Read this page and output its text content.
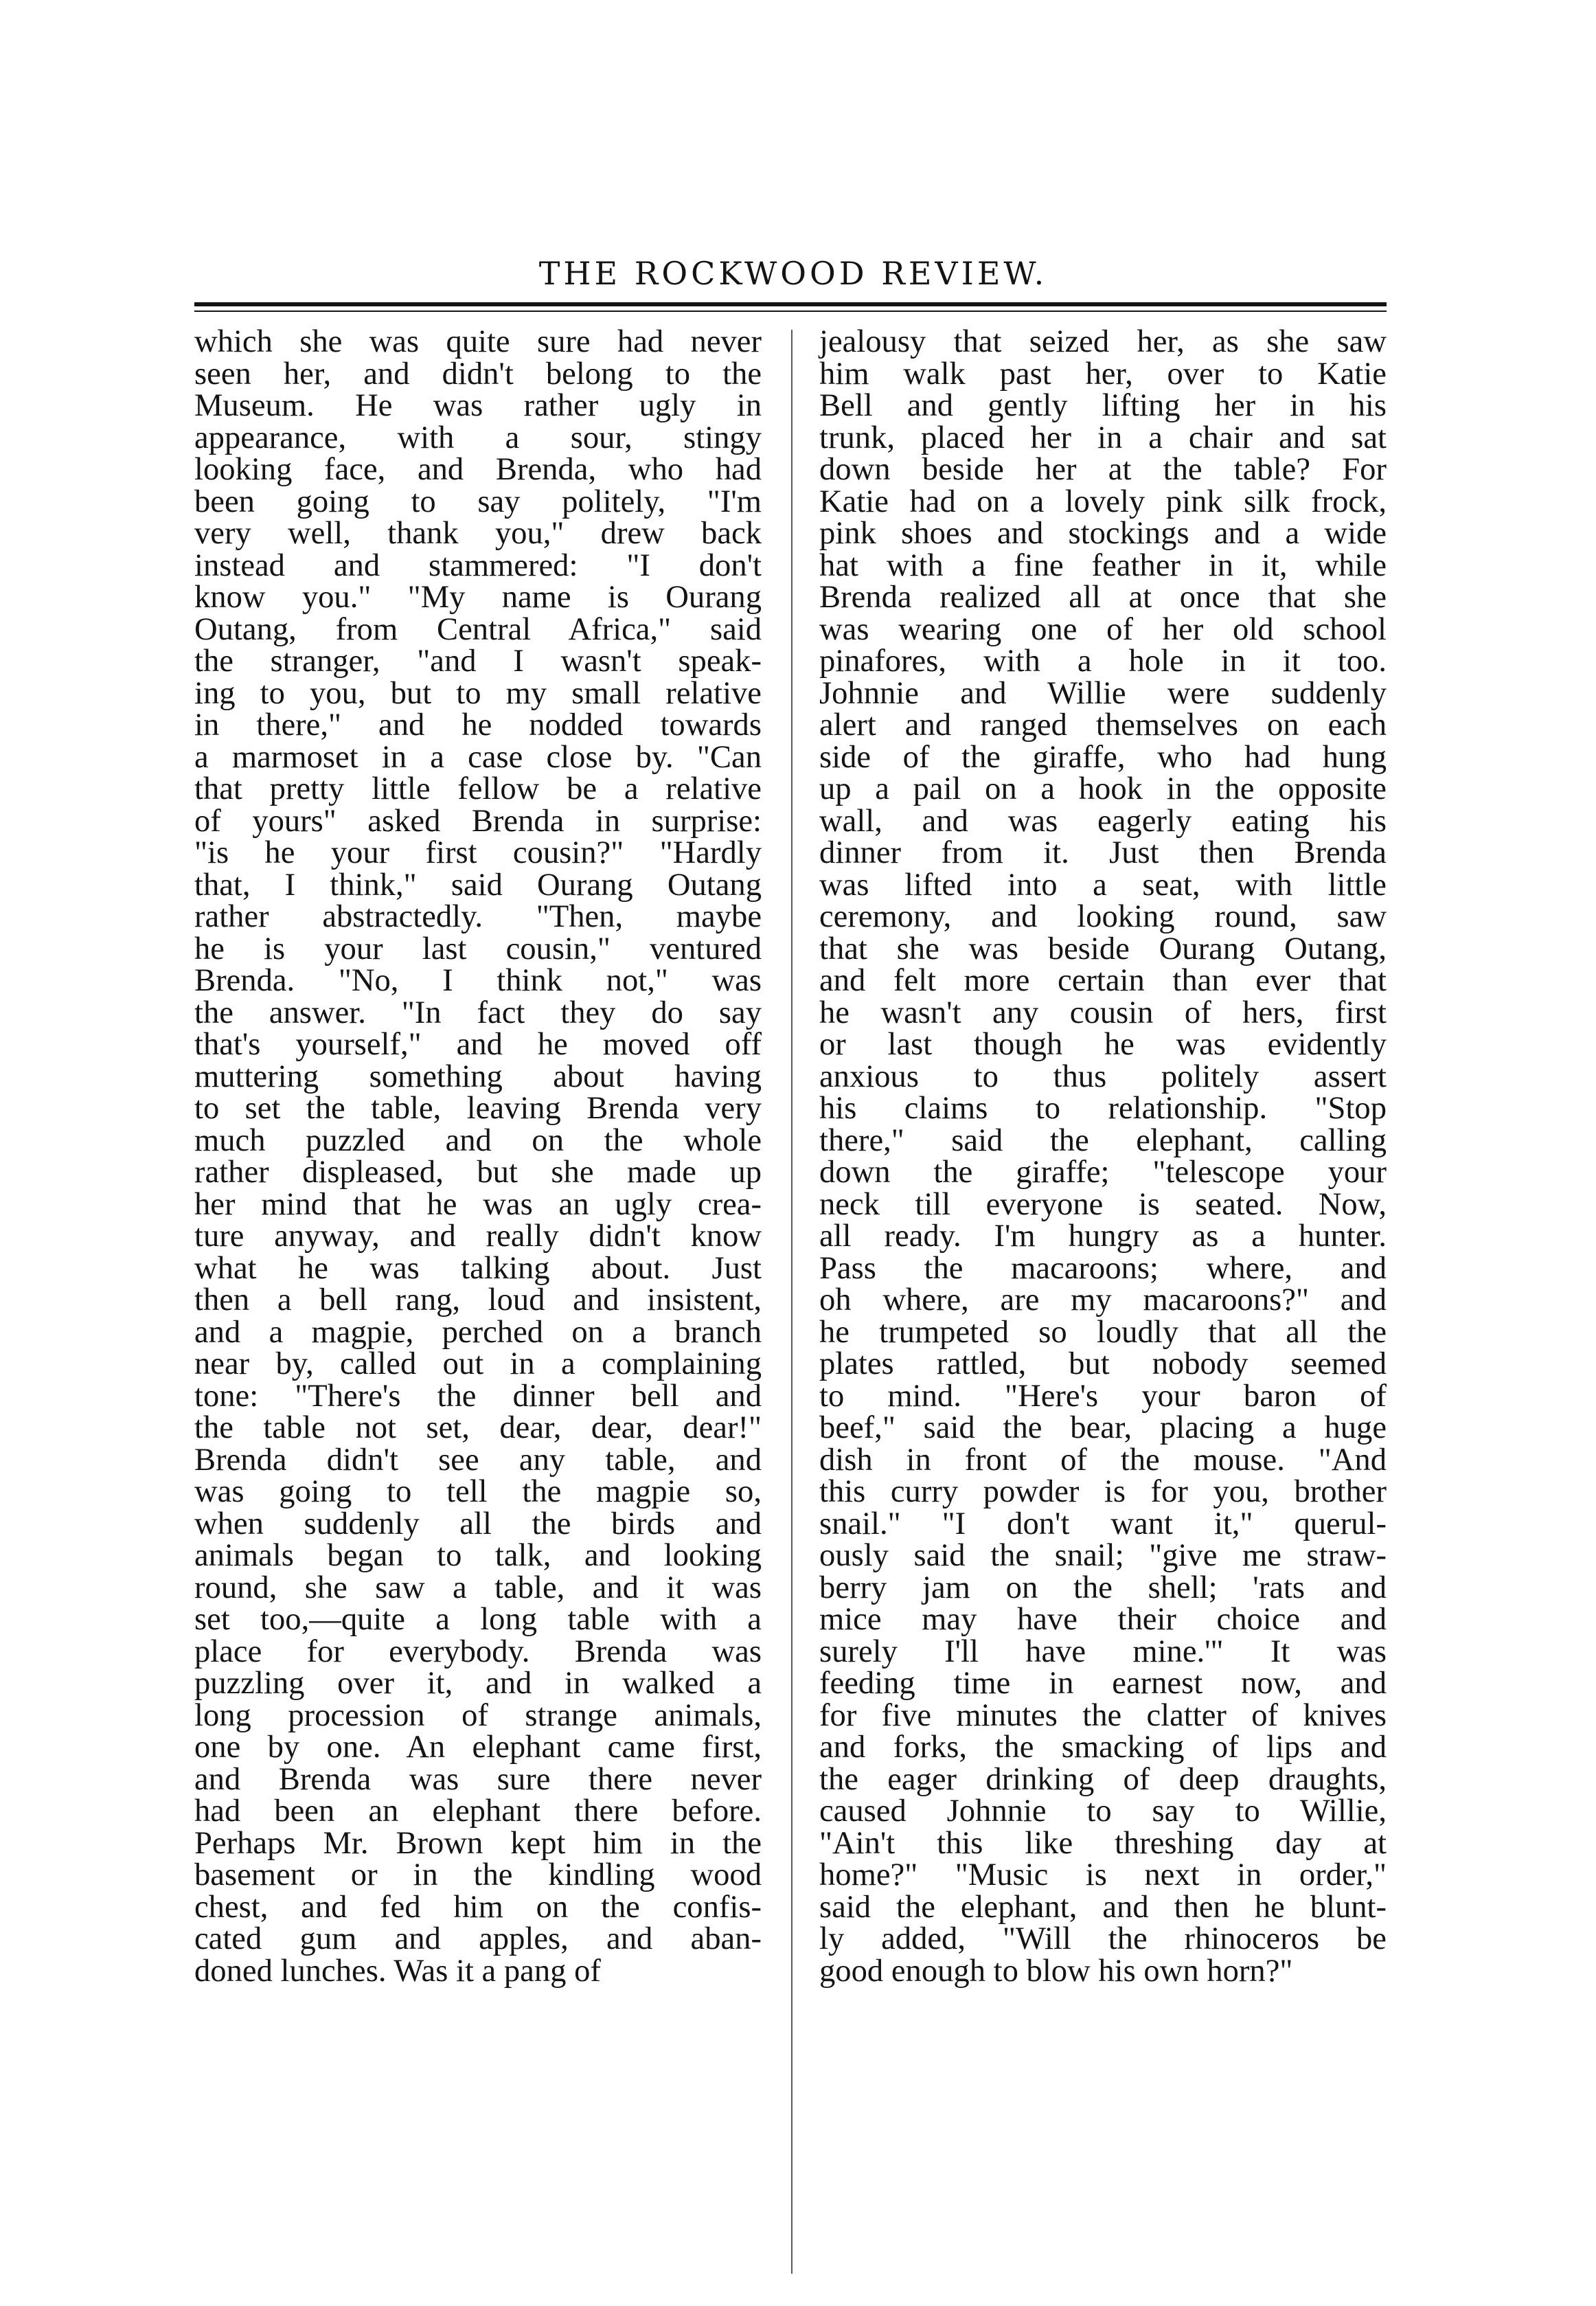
THE ROCKWOOD REVIEW.
which she was quite sure had never
seen her, and didn't belong to the
Museum. He was rather ugly in
appearance, with a sour, stingy
looking face, and Brenda, who had
been going to say politely, "I'm
very well, thank you," drew back
instead and stammered: "I don't
know you." "My name is Ourang
Outang, from Central Africa," said
the stranger, "and I wasn't speak-
ing to you, but to my small relative
in there," and he nodded towards
a marmoset in a case close by. "Can
that pretty little fellow be a relative
of yours" asked Brenda in surprise:
"is he your first cousin?" "Hardly
that, I think," said Ourang Outang
rather abstractedly. "Then, maybe
he is your last cousin," ventured
Brenda. "No, I think not," was
the answer. "In fact they do say
that's yourself," and he moved off
muttering something about having
to set the table, leaving Brenda very
much puzzled and on the whole
rather displeased, but she made up
her mind that he was an ugly crea-
ture anyway, and really didn't know
what he was talking about. Just
then a bell rang, loud and insistent,
and a magpie, perched on a branch
near by, called out in a complaining
tone: "There's the dinner bell and
the table not set, dear, dear, dear!"
Brenda didn't see any table, and
was going to tell the magpie so,
when suddenly all the birds and
animals began to talk, and looking
round, she saw a table, and it was
set too,—quite a long table with a
place for everybody. Brenda was
puzzling over it, and in walked a
long procession of strange animals,
one by one. An elephant came first,
and Brenda was sure there never
had been an elephant there before.
Perhaps Mr. Brown kept him in the
basement or in the kindling wood
chest, and fed him on the confis-
cated gum and apples, and aban-
doned lunches. Was it a pang of
jealousy that seized her, as she saw
him walk past her, over to Katie
Bell and gently lifting her in his
trunk, placed her in a chair and sat
down beside her at the table? For
Katie had on a lovely pink silk frock,
pink shoes and stockings and a wide
hat with a fine feather in it, while
Brenda realized all at once that she
was wearing one of her old school
pinafores, with a hole in it too.
Johnnie and Willie were suddenly
alert and ranged themselves on each
side of the giraffe, who had hung
up a pail on a hook in the opposite
wall, and was eagerly eating his
dinner from it. Just then Brenda
was lifted into a seat, with little
ceremony, and looking round, saw
that she was beside Ourang Outang,
and felt more certain than ever that
he wasn't any cousin of hers, first
or last though he was evidently
anxious to thus politely assert
his claims to relationship. "Stop
there," said the elephant, calling
down the giraffe; "telescope your
neck till everyone is seated. Now,
all ready. I'm hungry as a hunter.
Pass the macaroons; where, and
oh where, are my macaroons?" and
he trumpeted so loudly that all the
plates rattled, but nobody seemed
to mind. "Here's your baron of
beef," said the bear, placing a huge
dish in front of the mouse. "And
this curry powder is for you, brother
snail." "I don't want it," querul-
ously said the snail; "give me straw-
berry jam on the shell; 'rats and
mice may have their choice and
surely I'll have mine.'" It was
feeding time in earnest now, and
for five minutes the clatter of knives
and forks, the smacking of lips and
the eager drinking of deep draughts,
caused Johnnie to say to Willie,
"Ain't this like threshing day at
home?" "Music is next in order,"
said the elephant, and then he blunt-
ly added, "Will the rhinoceros be
good enough to blow his own horn?"
